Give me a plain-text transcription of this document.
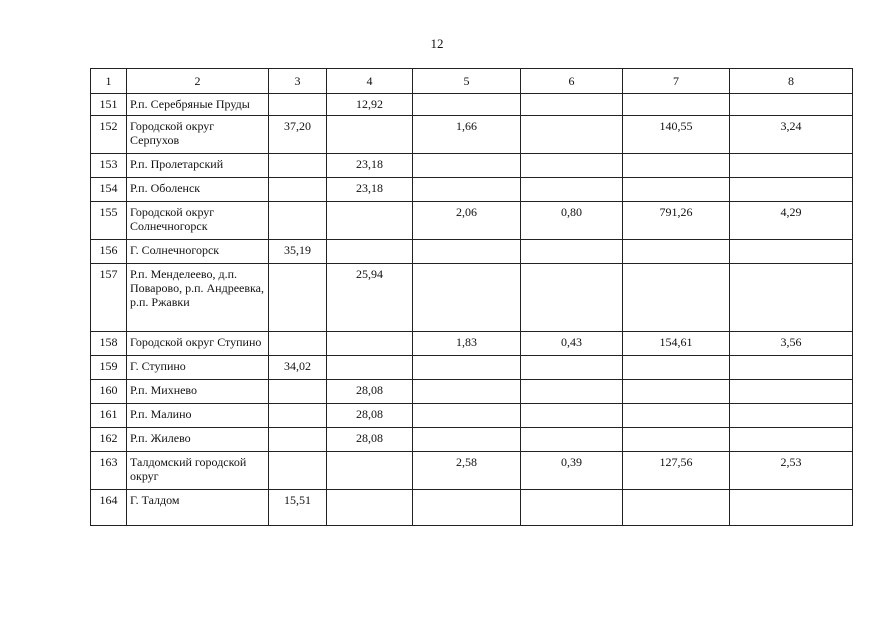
12
1	2	3	4	5	6	7	8
151	Р.п. Серебряные Пруды		12,92				
152	Городской округ Серпухов	37,20		1,66		140,55	3,24
153	Р.п. Пролетарский		23,18				
154	Р.п. Оболенск		23,18				
155	Городской округ Солнечногорск			2,06	0,80	791,26	4,29
156	Г. Солнечногорск	35,19					
157	Р.п. Менделеево, д.п. Поварово, р.п. Андреевка, р.п. Ржавки		25,94				
158	Городской округ Ступино			1,83	0,43	154,61	3,56
159	Г. Ступино	34,02					
160	Р.п. Михнево		28,08				
161	Р.п. Малино		28,08				
162	Р.п. Жилево		28,08				
163	Талдомский городской округ			2,58	0,39	127,56	2,53
164	Г. Талдом	15,51					
